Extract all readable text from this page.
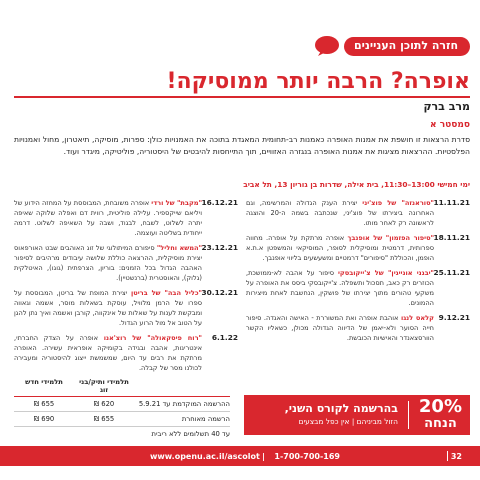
חזרה לתוכן העניינים
אופרה? הרבה יותר ממוסיקה!
מרב ברק
סמסטר א

סדרת הרצאות זו חושפת את אמנות האופרה כאמנות רב-תחומית המאגדת בתוכה את האמנויות כולן: ספרות, מוסיקה, תיאטרון, מחול ואמנויות הפלסטיות. ההרצאות מציגות את אמנות האופרה בנגזרה האזוויים, תוך התייחסות להיבטים של היסטוריה, פוליטיקה, מיגדר ועוד.

ימי חמישי 13:00–11:30, בית אילה, שדרות בן גוריון 13, תל אביב
11.11.21

"סוראנזה" של פוצ'יני יצירת הענק הגדולה והמרשימה, וגם האחרונה ביצירתו של פוצ'יני, שנכתבה בשמה ה-20 והוצגה לראשונה רק לאחר מותו.

18.11.21

"סיפור הפזמון" של אופנבך אופרה מרתקת על אופרה. מחווה ספרותית, דרמטית ומוסיקלית לסופר, המוסיקאי והמשפטן א.ת.א הופמן, והכוללת "סיפורים" דרמטיים ומשעשעים בליווי אופנבך.

25.11.21

"יבגני אונייגין" של צ'ייקובסקי סיפור על אהבה לא-ממושכת, הכוזרים רק כאב, תסכול ותשפלה. צ'ייקובסקי ביסס את האופרה על משקעי טהורים מתוך יצירתו של פושקין, הנחשבת לאחת מיצירות ההמונים.

9.12.21

קלאס לנגו אוהבת אופרה ואת המשוררת - האישה והאגדה. סיפור חייה הסוער ולא-יאמן של הדיווה הגדולה מכולן, כשאליו הקשר הוורסצאנדר והאישיות הכובשת.

16.12.21

"מקבת" של ורדי אופרה משובחת, המבוססת על המחזה הידוע של ויליאם שייקספיר. עלילה פוליטית, רווית דם ואפלה שלוקה שאיפה יתרה לשלוט, לשבח, לבגוד, ושבה על השאיפה לשלוט. דרמה ייחודית בשליטה ועוצמה.

23.12.21

"המשא וחליל" סיפורם המיתולוגי של זוג האוהבים שבט האורפאוס יצירת מוסיקלית, ההרצאה כוללת שלושה עיבודים מרהיבים לסיפור האהבה הגדול בכל הזמנים: בוריון, הצרפתית (גוגו), האיטלקית (גלוק), והאוסטרית (ברנשטיין).

30.12.21

"כליל הבה" של בריטן יצירת המופת של בריטן, המבוססת על ספרו של הרמן מלוויל, עוסקת בשאלות מוסר, אשמה וגאווה ומבקשת לענות על שאלות של אינקווה, קורבן ואשמה ואיך נתן להגן על הטוב אל מול הרוע הגדול.

6.1.22

"רוח פיסקאולה" של רוצ'אנו אופרה על הצדק החברתי, אינטריגות, אהבה ובגידה בקומיקה אופראית עשירה. האופרה מרתקת את רבים עד היום, שמשמשת ייצוג להיסטוריה ומעבירה לכולנו מסר של קבלה.

תלמידי ותיק/בני זוג
תלמידי חדש
ההרשמה המוקדמת עד 5.9.21
620 ₪
655 ₪
הרשמה מאוחרת
655 ₪
690 ₪
עד 40 תשלומים ללא ריבית
20%
הנחה
בהרשמה לקורס השני,
הזול מביניהם | אין כפל מבצעים
32
1-700-700-169
|
www.openu.ac.il/ascolot
